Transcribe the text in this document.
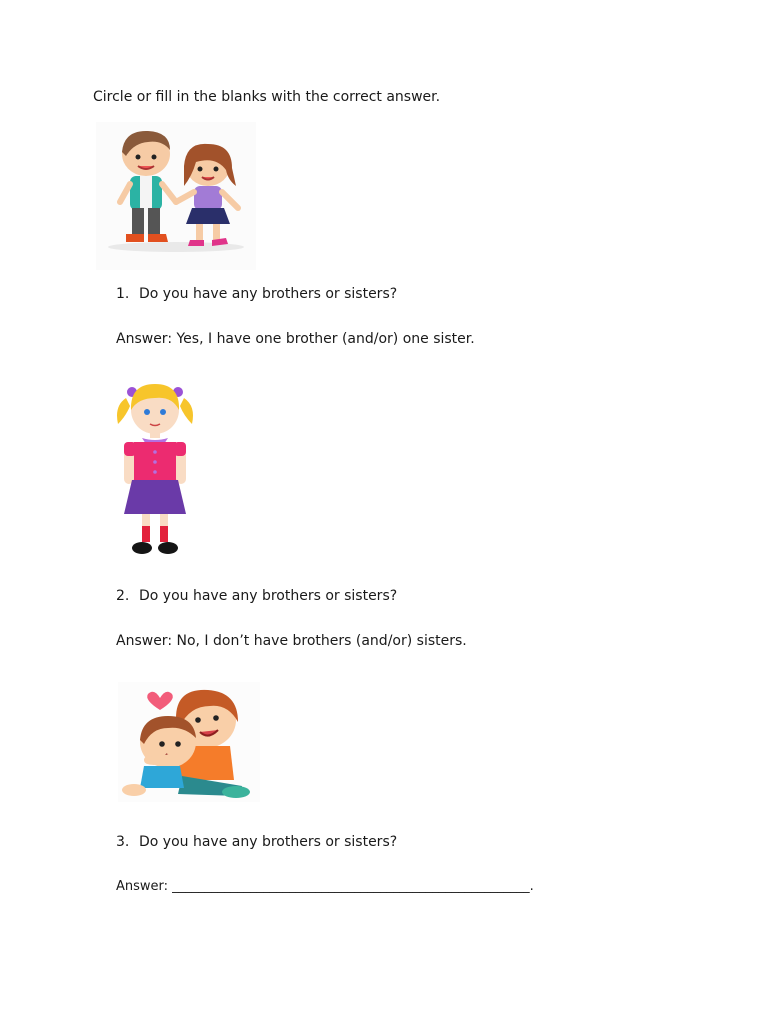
Circle or fill in the blanks with the correct answer.
1. Do you have any brothers or sisters?
Answer: Yes, I have one brother (and/or) one sister.
2. Do you have any brothers or sisters?
Answer: No, I don’t have brothers (and/or) sisters.
3. Do you have any brothers or sisters?
Answer: _______________________________________________________.
